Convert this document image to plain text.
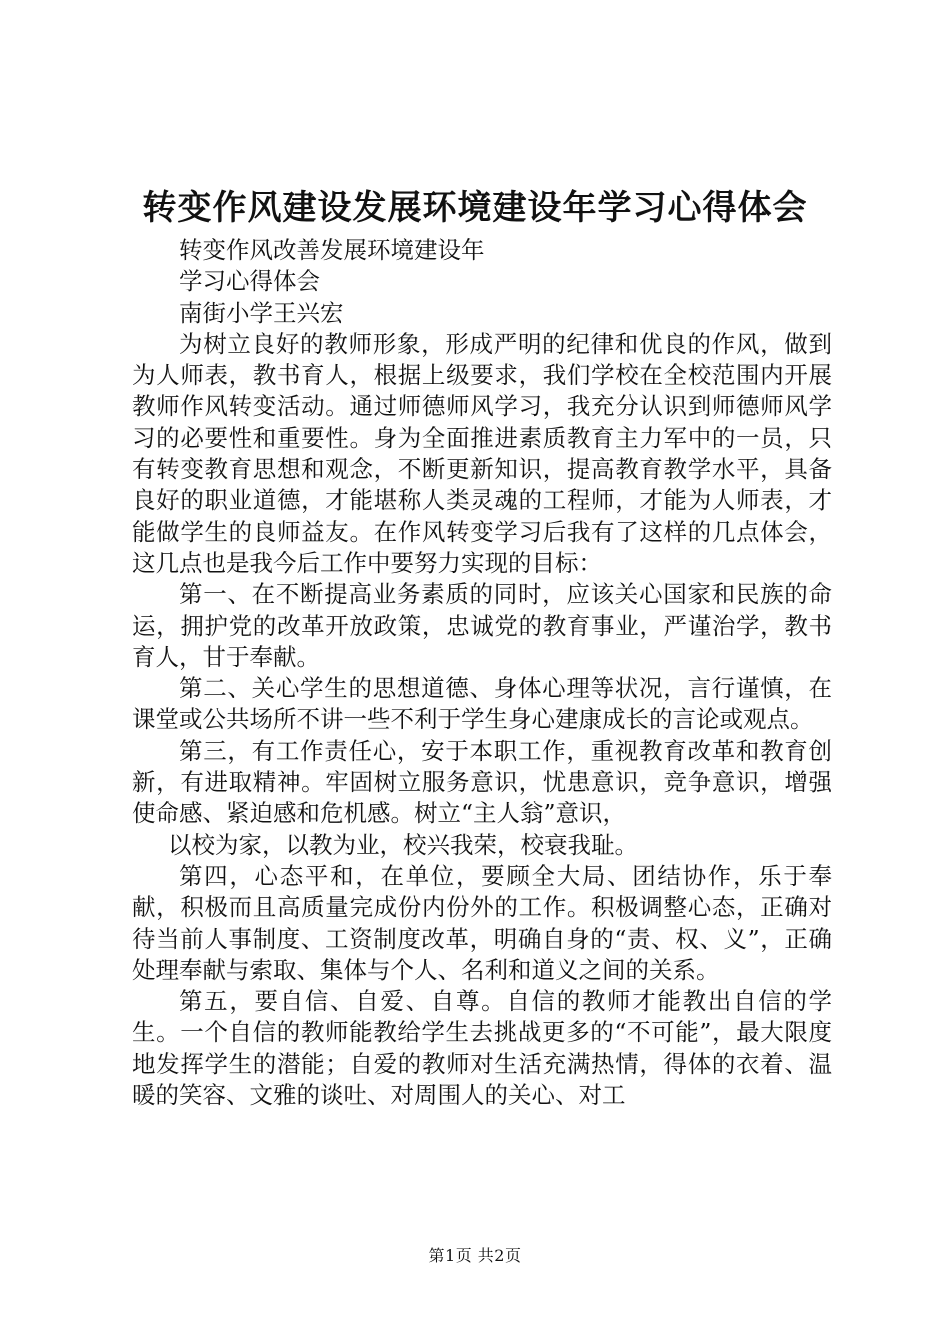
转变作风建设发展环境建设年学习心得体会

转变作风改善发展环境建设年

学习心得体会

南街小学王兴宏

为树立良好的教师形象，形成严明的纪律和优良的作风，做到为人师表，教书育人，根据上级要求，我们学校在全校范围内开展教师作风转变活动。通过师德师风学习，我充分认识到师德师风学习的必要性和重要性。身为全面推进素质教育主力军中的一员，只有转变教育思想和观念，不断更新知识，提高教育教学水平，具备良好的职业道德，才能堪称人类灵魂的工程师，才能为人师表，才能做学生的良师益友。在作风转变学习后我有了这样的几点体会，这几点也是我今后工作中要努力实现的目标：

第一、在不断提高业务素质的同时，应该关心国家和民族的命运，拥护党的改革开放政策，忠诚党的教育事业，严谨治学，教书育人，甘于奉献。

第二、关心学生的思想道德、身体心理等状况，言行谨慎，在课堂或公共场所不讲一些不利于学生身心建康成长的言论或观点。

第三，有工作责任心，安于本职工作，重视教育改革和教育创新，有进取精神。牢固树立服务意识，忧患意识，竞争意识，增强使命感、紧迫感和危机感。树立“主人翁”意识，

以校为家，以教为业，校兴我荣，校衰我耻。

第四，心态平和，在单位，要顾全大局、团结协作，乐于奉献，积极而且高质量完成份内份外的工作。积极调整心态，正确对待当前人事制度、工资制度改革，明确自身的“责、权、义”，正确处理奉献与索取、集体与个人、名利和道义之间的关系。

第五，要自信、自爱、自尊。自信的教师才能教出自信的学生。一个自信的教师能教给学生去挑战更多的“不可能”，最大限度地发挥学生的潜能；自爱的教师对生活充满热情，得体的衣着、温暖的笑容、文雅的谈吐、对周围人的关心、对工

第1页 共2页
